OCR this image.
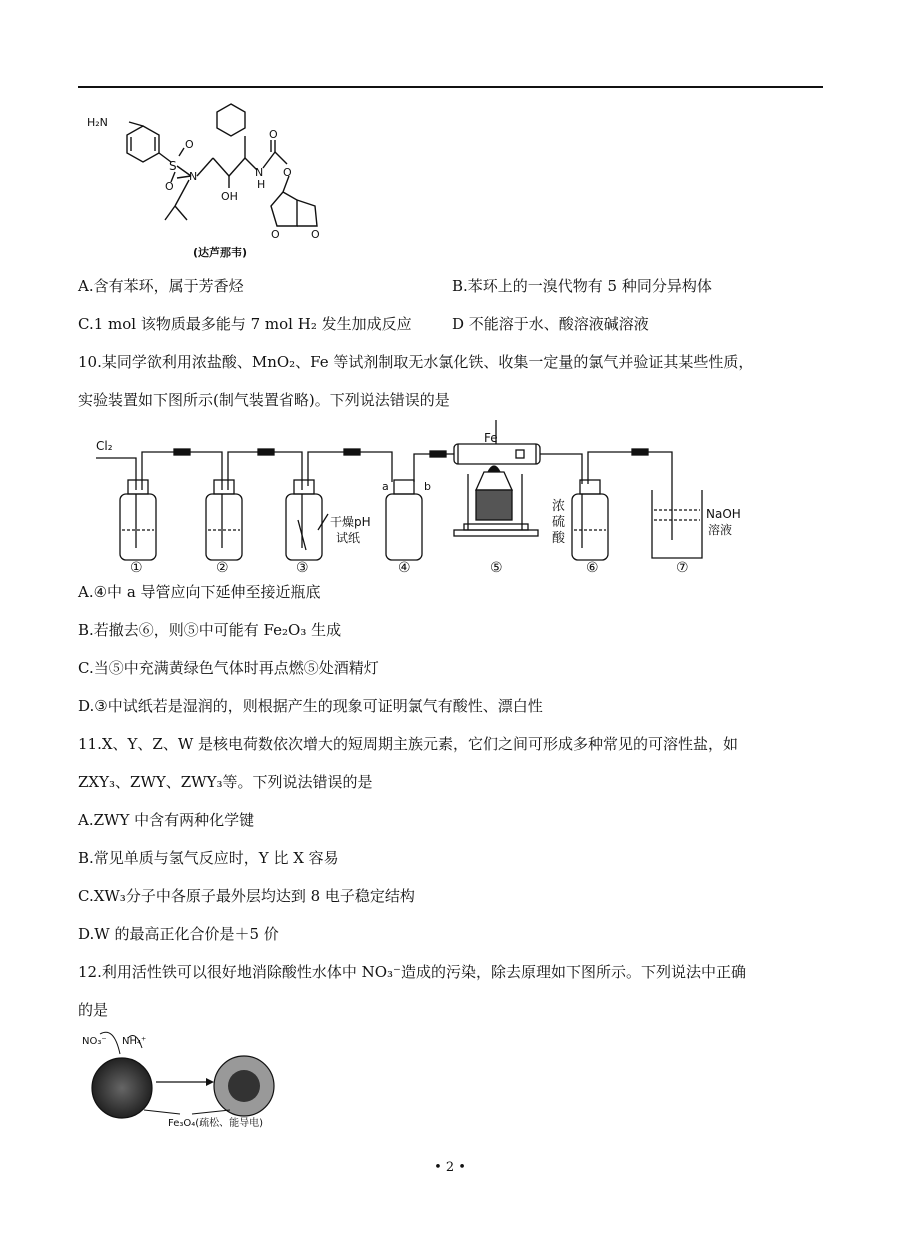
H₂N
O
S
O
N
OH
N
H
O
O
O	O
(达芦那韦)
A.含有苯环，属于芳香烃	B.苯环上的一溴代物有 5 种同分异构体
C.1 mol 该物质最多能与 7 mol H₂ 发生加成反应	D 不能溶于水、酸溶液碱溶液
10.某同学欲利用浓盐酸、MnO₂、Fe 等试剂制取无水氯化铁、收集一定量的氯气并验证其某些性质，
实验装置如下图所示(制气装置省略)。下列说法错误的是
Cl₂
Fe
干燥pH
试纸
a	b
浓
硫
酸
NaOH
溶液
①	②	③	④	⑤	⑥	⑦
A.④中 a 导管应向下延伸至接近瓶底
B.若撤去⑥，则⑤中可能有 Fe₂O₃ 生成
C.当⑤中充满黄绿色气体时再点燃⑤处酒精灯
D.③中试纸若是湿润的，则根据产生的现象可证明氯气有酸性、漂白性
11.X、Y、Z、W 是核电荷数依次增大的短周期主族元素，它们之间可形成多种常见的可溶性盐，如
ZXY₃、ZWY、ZWY₃等。下列说法错误的是
A.ZWY 中含有两种化学键
B.常见单质与氢气反应时，Y 比 X 容易
C.XW₃分子中各原子最外层均达到 8 电子稳定结构
D.W 的最高正化合价是＋5 价
12.利用活性铁可以很好地消除酸性水体中 NO₃⁻造成的污染，除去原理如下图所示。下列说法中正确
的是
NO₃⁻ NH₄⁺
Fe₃O₄(疏松、能导电)
• 2 •
